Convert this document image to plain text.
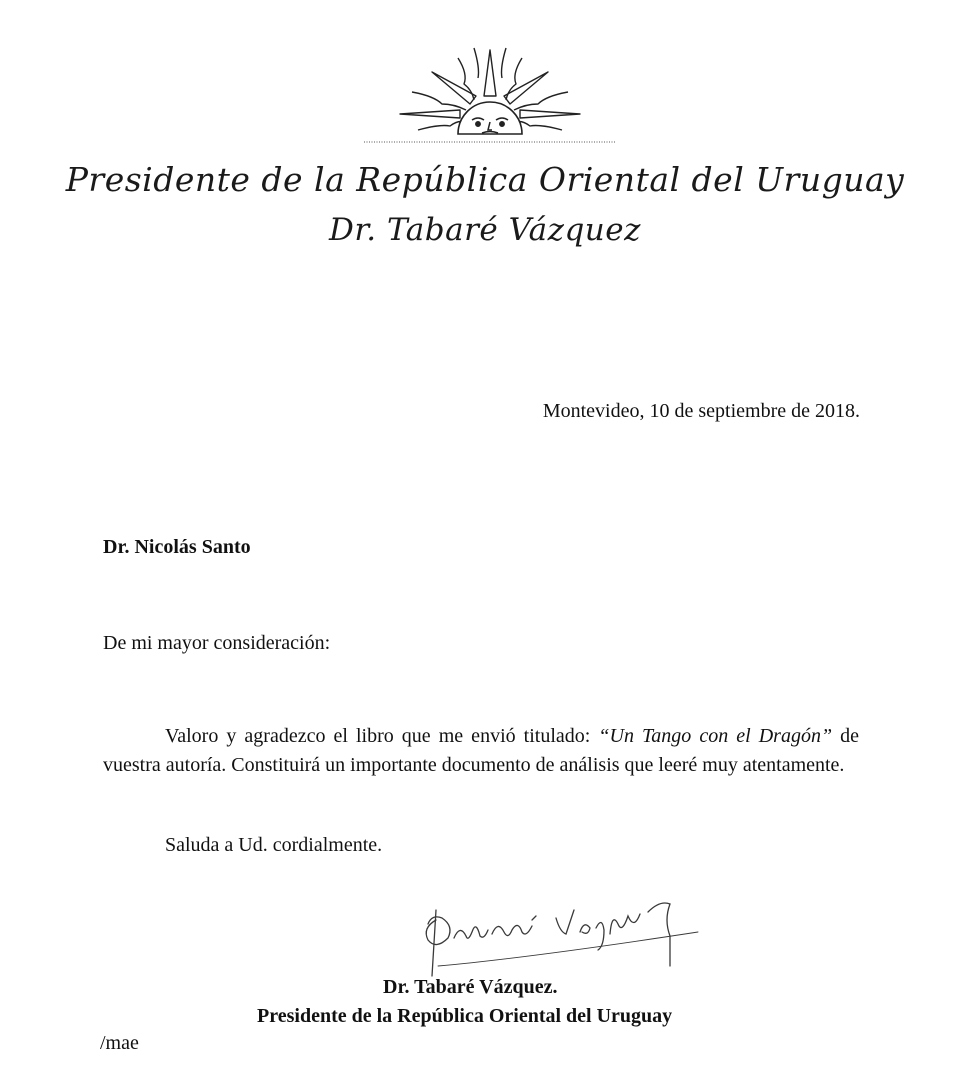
Presidente de la República Oriental del Uruguay
Dr. Tabaré Vázquez
Montevideo, 10 de septiembre de 2018.
Dr. Nicolás Santo
De mi mayor consideración:
Valoro y agradezco el libro que me envió titulado: “Un Tango con el Dragón” de vuestra autoría. Constituirá un importante documento de análisis que leeré muy atentamente.
Saluda a Ud. cordialmente.
Dr. Tabaré Vázquez.
Presidente de la República Oriental del Uruguay
/mae
